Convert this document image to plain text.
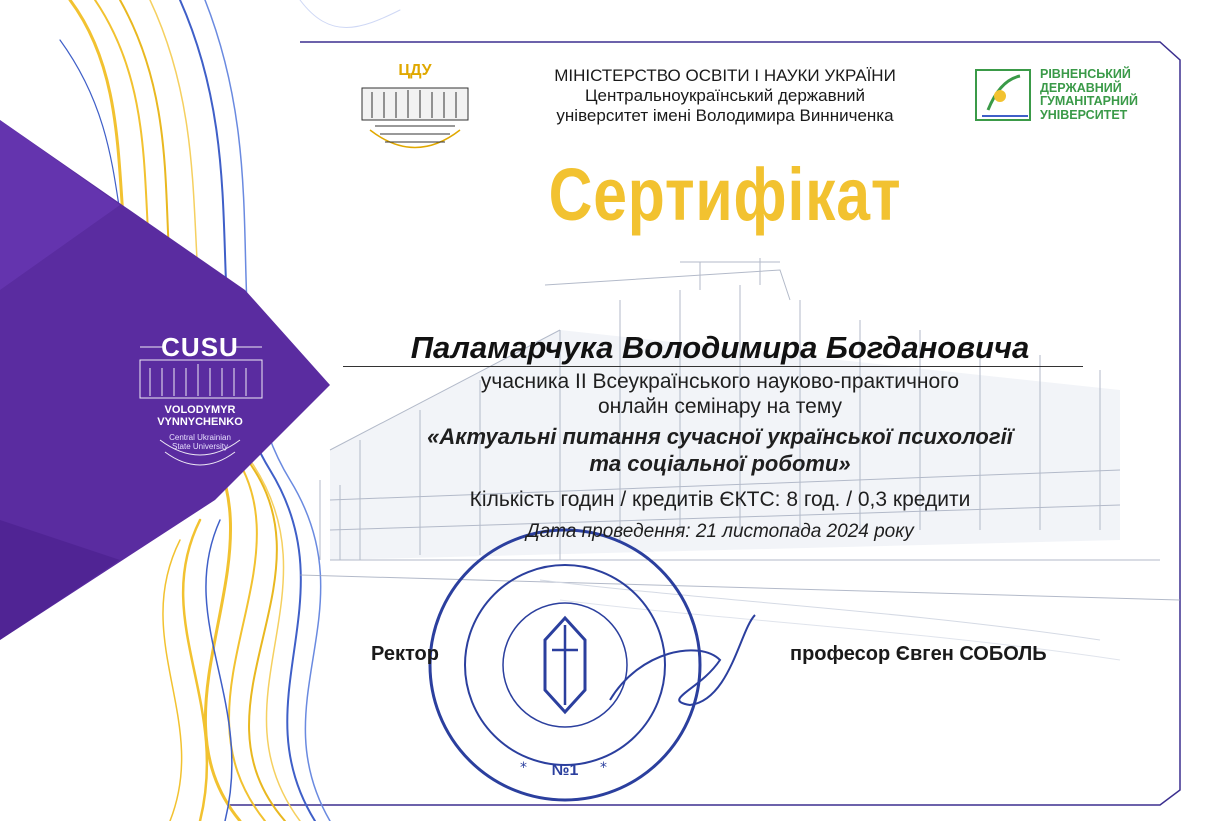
№1
*	*
МІНІСТЕРСТВО ОСВІТИ І НАУКИ УКРАЇНИ
Центральноукраїнський державний
університет імені Володимира Винниченка
ЦДУ	РІВНЕНСЬКИЙ
ДЕРЖАВНИЙ
ГУМАНІТАРНИЙ
УНІВЕРСИТЕТ
CUSU
VOLODYMYR
VYNNYCHENKO
Central Ukrainian
State University
Сертифікат
Паламарчука Володимира Богдановича
учасника ІІ Всеукраїнського науково-практичного
онлайн семінару на тему
«Актуальні питання сучасної української психології
та соціальної роботи»
Кількість годин / кредитів ЄКТС: 8 год. / 0,3 кредити
Дата проведення: 21 листопада 2024 року
Ректор	професор Євген СОБОЛЬ
